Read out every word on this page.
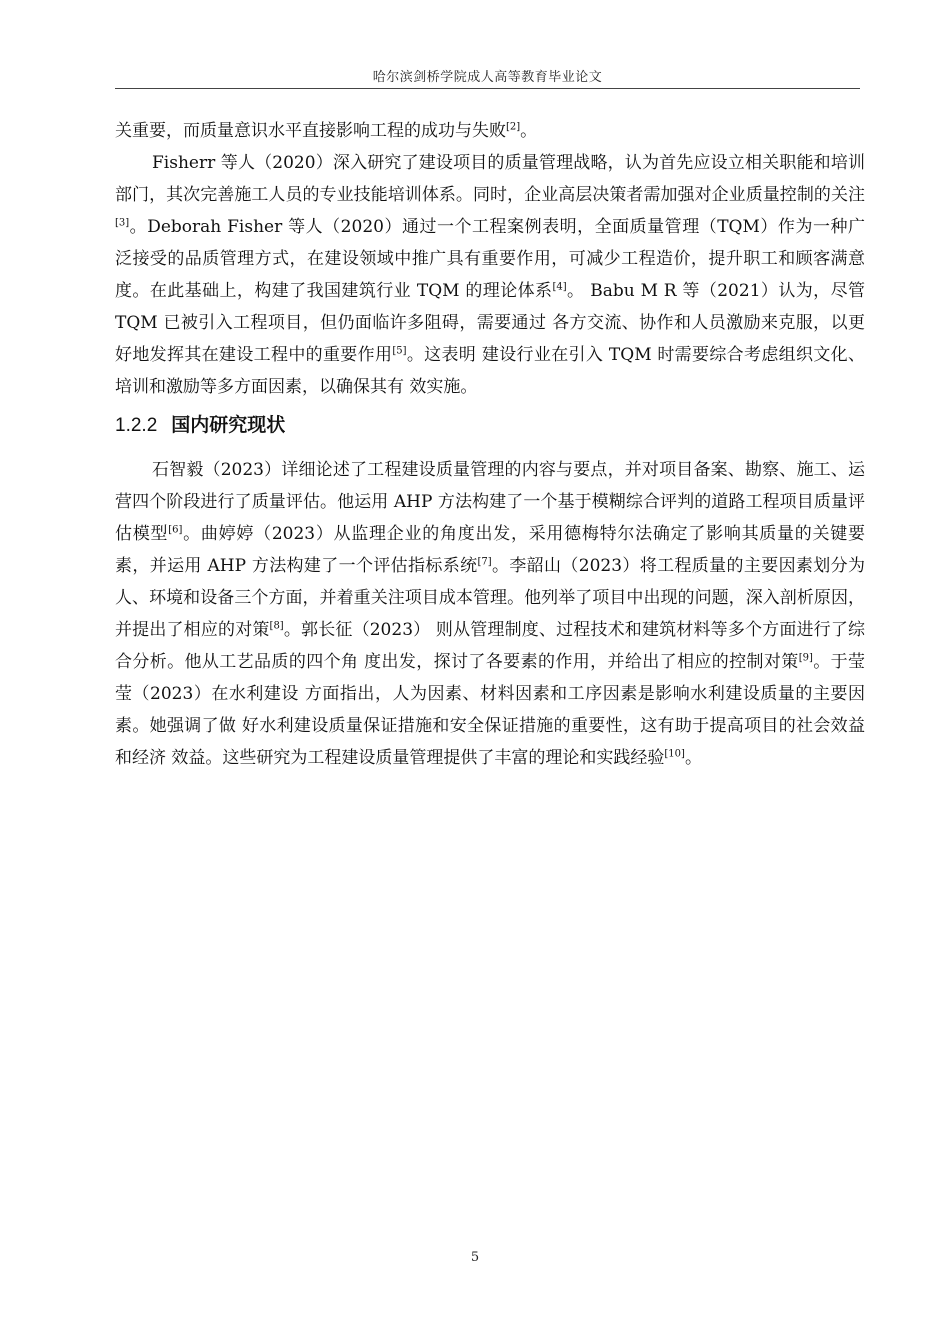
哈尔滨剑桥学院成人高等教育毕业论文

关重要，而质量意识水平直接影响工程的成功与失败[2]。

Fisherr 等人（2020）深入研究了建设项目的质量管理战略，认为首先应设立相关职能和培训部门，其次完善施工人员的专业技能培训体系。同时，企业高层决策者需加强对企业质量控制的关注[3]。Deborah Fisher 等人（2020）通过一个工程案例表明，全面质量管理（TQM）作为一种广泛接受的品质管理方式，在建设领域中推广具有重要作用，可减少工程造价，提升职工和顾客满意度。在此基础上，构建了我国建筑行业 TQM 的理论体系[4]。 Babu M R 等（2021）认为，尽管 TQM 已被引入工程项目，但仍面临许多阻碍，需要通过 各方交流、协作和人员激励来克服，以更好地发挥其在建设工程中的重要作用[5]。这表明 建设行业在引入 TQM 时需要综合考虑组织文化、培训和激励等多方面因素，以确保其有 效实施。

1.2.2 国内研究现状

石智毅（2023）详细论述了工程建设质量管理的内容与要点，并对项目备案、勘察、施工、运营四个阶段进行了质量评估。他运用 AHP 方法构建了一个基于模糊综合评判的道路工程项目质量评估模型[6]。曲婷婷（2023）从监理企业的角度出发，采用德梅特尔法确定了影响其质量的关键要素，并运用 AHP 方法构建了一个评估指标系统[7]。李韶山（2023）将工程质量的主要因素划分为人、环境和设备三个方面，并着重关注项目成本管理。他列举了项目中出现的问题，深入剖析原因，并提出了相应的对策[8]。郭长征（2023） 则从管理制度、过程技术和建筑材料等多个方面进行了综合分析。他从工艺品质的四个角 度出发，探讨了各要素的作用，并给出了相应的控制对策[9]。于莹莹（2023）在水利建设 方面指出，人为因素、材料因素和工序因素是影响水利建设质量的主要因素。她强调了做 好水利建设质量保证措施和安全保证措施的重要性，这有助于提高项目的社会效益和经济 效益。这些研究为工程建设质量管理提供了丰富的理论和实践经验[10]。

5
